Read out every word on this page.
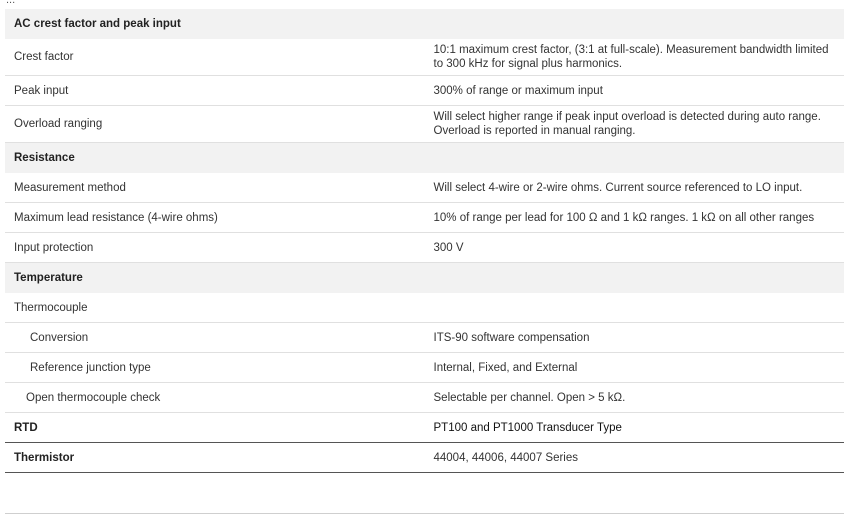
...
AC crest factor and peak input	
Crest factor	10:1 maximum crest factor, (3:1 at full-scale). Measurement bandwidth limited to 300 kHz for signal plus harmonics.
Peak input	300% of range or maximum input
Overload ranging	Will select higher range if peak input overload is detected during auto range. Overload is reported in manual ranging.
Resistance	
Measurement method	Will select 4-wire or 2-wire ohms. Current source referenced to LO input.
Maximum lead resistance (4-wire ohms)	10% of range per lead for 100 Ω and 1 kΩ ranges. 1 kΩ on all other ranges
Input protection	300 V
Temperature	
Thermocouple	
Conversion	ITS-90 software compensation
Reference junction type	Internal, Fixed, and External
Open thermocouple check	Selectable per channel. Open > 5 kΩ.
RTD	PT100 and PT1000 Transducer Type
Thermistor	44004, 44006, 44007 Series
